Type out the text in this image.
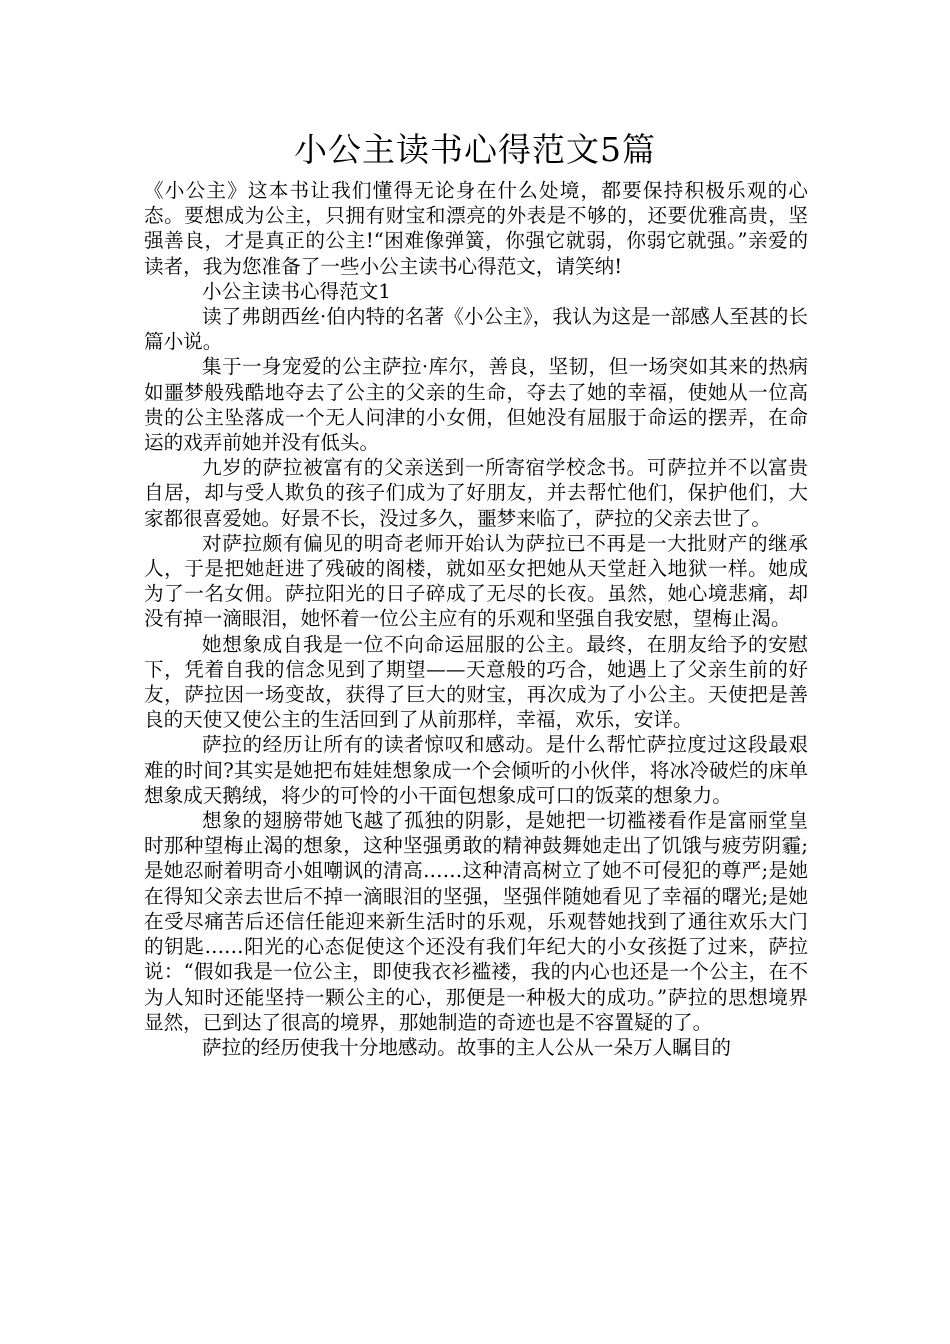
小公主读书心得范文5篇

《小公主》这本书让我们懂得无论身在什么处境，都要保持积极乐观的心态。要想成为公主，只拥有财宝和漂亮的外表是不够的，还要优雅高贵，坚强善良，才是真正的公主!“困难像弹簧，你强它就弱，你弱它就强。”亲爱的读者，我为您准备了一些小公主读书心得范文，请笑纳!

小公主读书心得范文1

读了弗朗西丝·伯内特的名著《小公主》，我认为这是一部感人至甚的长篇小说。

集于一身宠爱的公主萨拉·库尔，善良，坚韧，但一场突如其来的热病如噩梦般残酷地夺去了公主的父亲的生命，夺去了她的幸福，使她从一位高贵的公主坠落成一个无人问津的小女佣，但她没有屈服于命运的摆弄，在命运的戏弄前她并没有低头。

九岁的萨拉被富有的父亲送到一所寄宿学校念书。可萨拉并不以富贵自居，却与受人欺负的孩子们成为了好朋友，并去帮忙他们，保护他们，大家都很喜爱她。好景不长，没过多久，噩梦来临了，萨拉的父亲去世了。

对萨拉颇有偏见的明奇老师开始认为萨拉已不再是一大批财产的继承人，于是把她赶进了残破的阁楼，就如巫女把她从天堂赶入地狱一样。她成为了一名女佣。萨拉阳光的日子碎成了无尽的长夜。虽然，她心境悲痛，却没有掉一滴眼泪，她怀着一位公主应有的乐观和坚强自我安慰，望梅止渴。

她想象成自我是一位不向命运屈服的公主。最终，在朋友给予的安慰下，凭着自我的信念见到了期望——天意般的巧合，她遇上了父亲生前的好友，萨拉因一场变故，获得了巨大的财宝，再次成为了小公主。天使把是善良的天使又使公主的生活回到了从前那样，幸福，欢乐，安详。

萨拉的经历让所有的读者惊叹和感动。是什么帮忙萨拉度过这段最艰难的时间?其实是她把布娃娃想象成一个会倾听的小伙伴，将冰冷破烂的床单想象成天鹅绒，将少的可怜的小干面包想象成可口的饭菜的想象力。

想象的翅膀带她飞越了孤独的阴影，是她把一切褴褛看作是富丽堂皇时那种望梅止渴的想象，这种坚强勇敢的精神鼓舞她走出了饥饿与疲劳阴霾;是她忍耐着明奇小姐嘲讽的清高……这种清高树立了她不可侵犯的尊严;是她在得知父亲去世后不掉一滴眼泪的坚强，坚强伴随她看见了幸福的曙光;是她在受尽痛苦后还信任能迎来新生活时的乐观，乐观替她找到了通往欢乐大门的钥匙……阳光的心态促使这个还没有我们年纪大的小女孩挺了过来，萨拉说：“假如我是一位公主，即使我衣衫褴褛，我的内心也还是一个公主，在不为人知时还能坚持一颗公主的心，那便是一种极大的成功。”萨拉的思想境界显然，已到达了很高的境界，那她制造的奇迹也是不容置疑的了。

萨拉的经历使我十分地感动。故事的主人公从一朵万人瞩目的
